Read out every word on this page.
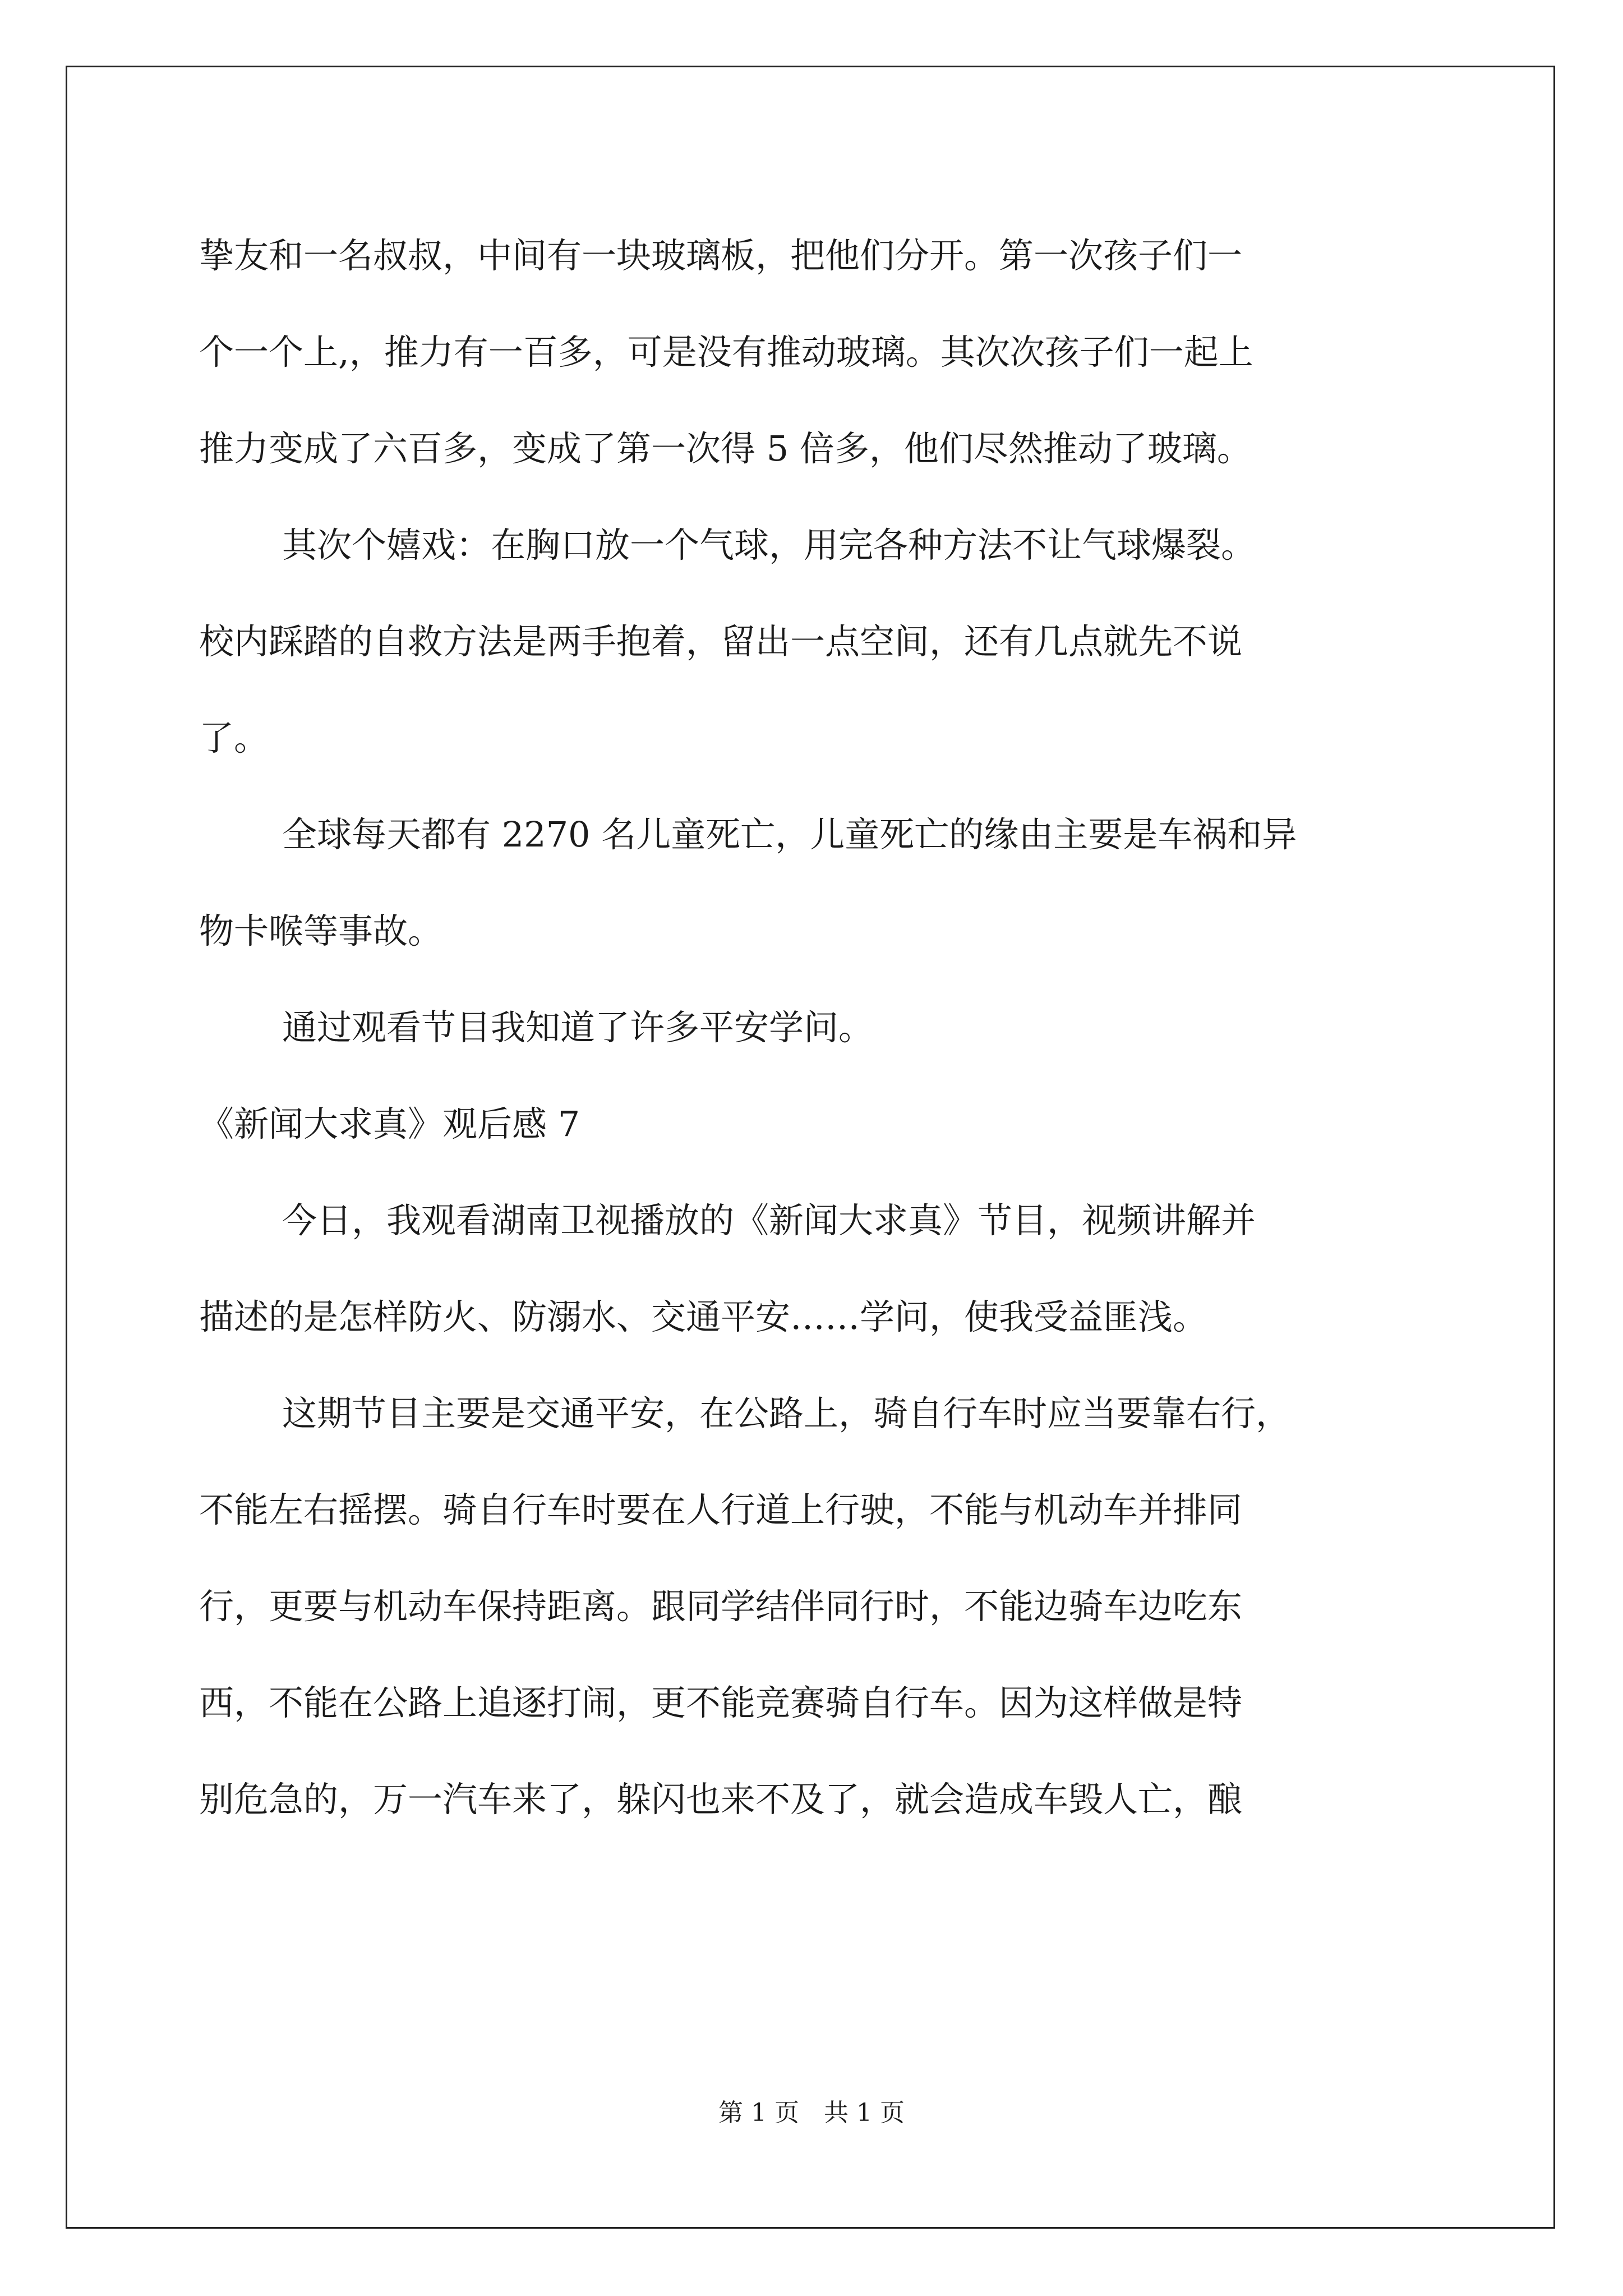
挚友和一名叔叔，中间有一块玻璃板，把他们分开。第一次孩子们一
个一个上,，推力有一百多，可是没有推动玻璃。其次次孩子们一起上
推力变成了六百多，变成了第一次得 5 倍多，他们尽然推动了玻璃。
其次个嬉戏：在胸口放一个气球，用完各种方法不让气球爆裂。
校内踩踏的自救方法是两手抱着，留出一点空间，还有几点就先不说
了。
全球每天都有 2270 名儿童死亡，儿童死亡的缘由主要是车祸和异
物卡喉等事故。
通过观看节目我知道了许多平安学问。
《新闻大求真》观后感 7
今日，我观看湖南卫视播放的《新闻大求真》节目，视频讲解并
描述的是怎样防火、防溺水、交通平安……学问，使我受益匪浅。
这期节目主要是交通平安，在公路上，骑自行车时应当要靠右行，
不能左右摇摆。骑自行车时要在人行道上行驶，不能与机动车并排同
行，更要与机动车保持距离。跟同学结伴同行时，不能边骑车边吃东
西，不能在公路上追逐打闹，更不能竞赛骑自行车。因为这样做是特
别危急的，万一汽车来了，躲闪也来不及了，就会造成车毁人亡，酿
第 1 页　共 1 页
